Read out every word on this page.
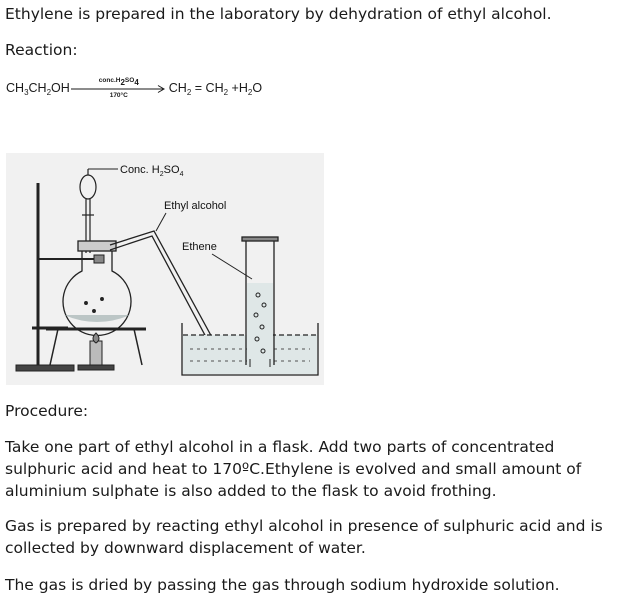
Ethylene is prepared in the laboratory by dehydration of ethyl alcohol.

Reaction:

$CH_3CH_2OH$
$conc.H_2SO_4$
170°C
$CH_2 = CH_2 +H_2O$
Conc. $H_2SO_4$
Ethyl alcohol
Ethene

Procedure:

Take one part of ethyl alcohol in a flask. Add two parts of concentrated sulphuric acid and heat to 170ºC.Ethylene is evolved and small amount of aluminium sulphate is also added to the flask to avoid frothing.

Gas is prepared by reacting ethyl alcohol in presence of sulphuric acid and is collected by downward displacement of water.

The gas is dried by passing the gas through sodium hydroxide solution.
